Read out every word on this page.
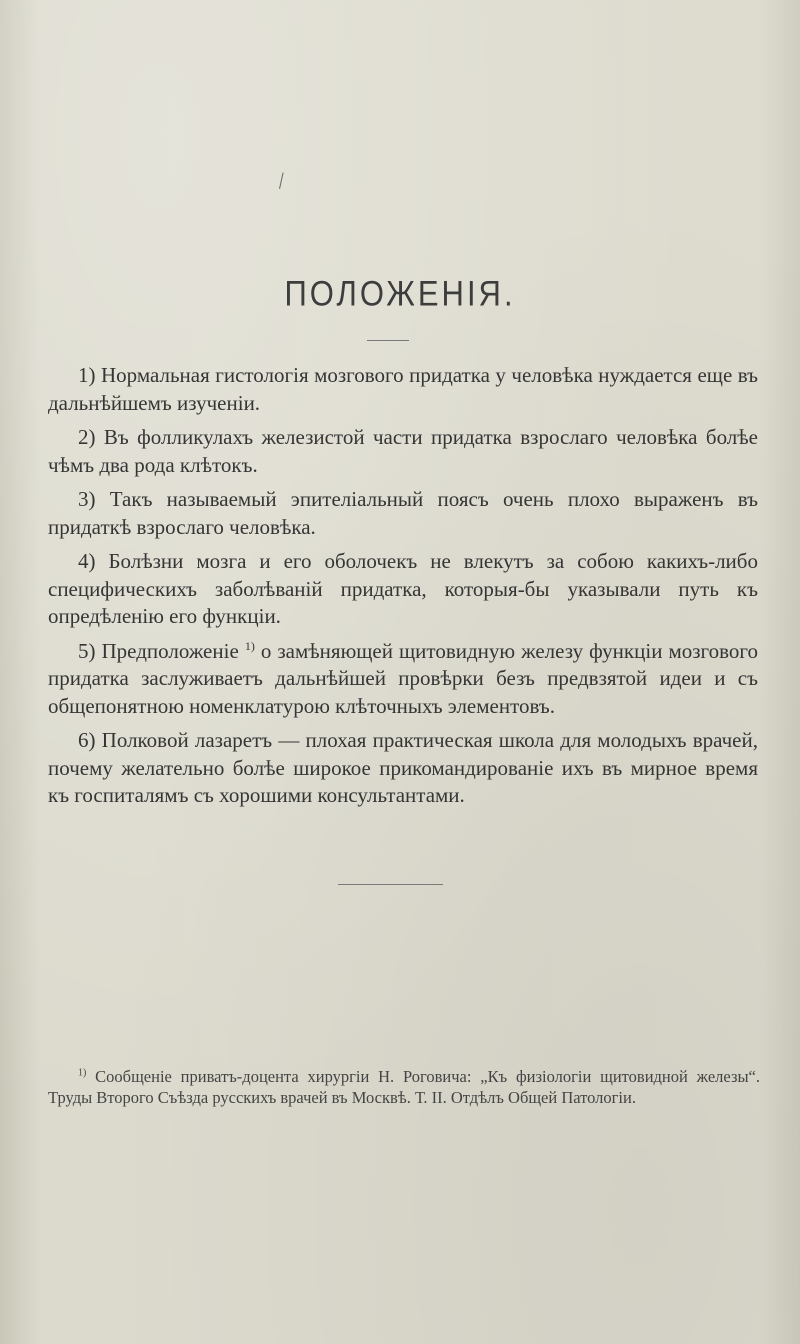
/
ПОЛОЖЕНІЯ.

1) Нормальная гистологія мозгового придатка у человѣка нуждается еще въ дальнѣйшемъ изученіи.

2) Въ фолликулахъ железистой части придатка взрослаго человѣка болѣе чѣмъ два рода клѣтокъ.

3) Такъ называемый эпителіальный поясъ очень плохо выраженъ въ придаткѣ взрослаго человѣка.

4) Болѣзни мозга и его оболочекъ не влекутъ за собою какихъ-либо специфическихъ заболѣваній придатка, которыя-бы указывали путь къ опредѣленію его функціи.

5) Предположеніе $^{1)}$ о замѣняющей щитовидную железу функціи мозгового придатка заслуживаетъ дальнѣйшей провѣрки безъ предвзятой идеи и съ общепонятною номенклатурою клѣточныхъ элементовъ.

6) Полковой лазаретъ — плохая практическая школа для молодыхъ врачей, почему желательно болѣе широкое прикомандированіе ихъ въ мирное время къ госпиталямъ съ хорошими консультантами.

$^{1)}$ Сообщеніе приватъ-доцента хирургіи Н. Роговича: „Къ физіологіи щитовидной железы“. Труды Второго Съѣзда русскихъ врачей въ Москвѣ. Т. II. Отдѣлъ Общей Патологіи.
